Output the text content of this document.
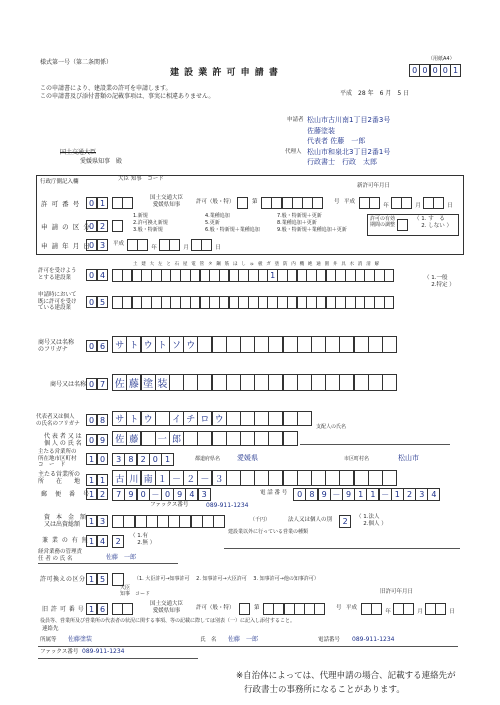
様式第一号（第二条関係）
建 設 業 許 可 申 請 書
（用紙A4）
0 0 0 0 1
この申請書により、建設業の許可を申請します。
この申請書及び添付書類の記載事項は、事実に相違ありません。	平成　 28 年　 6 月　 5 日
申請者 松山市古川南1丁目2番3号
佐藤塗装
代表者 佐藤　一郎
代理人 松山市和泉北3丁目2番1号
行政書士　行政　太郎
国土交通大臣
愛媛県知事　殿
行政庁側記入欄	大臣 知事　コード
新許可年月日
許 可 番 号	0 1
国土交通大臣
愛媛県知事	許可（般・特）	第	号 平成
年	月	日
申 請 の 区 分
0 2
1.新規
2.許可換え新規
3.般・特新規
4.業種追加
5.更新
6.般・特新規＋業種追加
7.般・特新規＋更新
8.業種追加＋更新
9.般・特新規＋業種追加＋更新
許可の有効
期間の調整
（ 1. す　る
　 2. しない ）
申 請 年 月 日
0 3	平成
年	月	日
土 建 大 左 と 石 屋 電 管 タ 鋼 筋 ほ し ゅ 板 ガ 塗 防 内 機 絶 通 園 井 具 水 消 清 解
許可を受けよう
とする建設業	0 4	1	（ 1.一般
　 2.特定 ）
申請時において
既に許可を受け
ている建設業
0 5
商号又は名称
のフリガナ	0 6	サ ト ウ ト ソ ウ
商号又は名称 0 7 佐 藤 塗 装
代表者又は個人
の氏名のフリガナ	0 8	サ ト ウ	イ チ ロ ウ
支配人の氏名
代 表 者 又 は
個 人 の 氏 名 0 9	佐 藤	一 郎
主たる営業所の
所在地市区町村
コ　ー　ド
1 0	3 8 2 0 1	都道府県名 愛媛県	市区町村名	松山市
主たる営業所の
所　　在　　地	1 1	古 川 南 １ － ２ － ３
郵　便　番　号
1 2	7 9 0 － 0 9 4 3	電 話 番 号	0 8 9 － 9 1 1 － 1 2 3 4
ファックス番号	089-911-1234
資　本　金　額
又は出資総額	1 3	（千円）	法人又は個人の別	2	（ 1.法人
　 2.個人 ）
兼 業 の 有 無 1 4	2
（ 1.有
　 2.無 ）
建設業以外に行っている営業の種類
経営業務の管理責
任 者 の 氏 名	佐藤　一郎
許可換えの区分 1 5	（1. 大臣許可→知事許可　 2. 知事許可→大臣許可　 3. 知事許可→他の知事許可）
大臣
知事　コード	旧許可年月日
旧 許 可 番 号 1 6
国土交通大臣
愛媛県知事	許可（般・特）	第	号 平成
年	月	日
役員等、営業所及び営業所の代表者の状況に関する事項、等の記載に際しては別表（一）に記入し添付すること。
連絡先
所属等 佐藤塗装	氏　名 佐藤　一郎	電話番号 089-911-1234
ファックス番号 089-911-1234
※自治体によっては、代理申請の場合、記載する連絡先が
行政書士の事務所になることがあります。
